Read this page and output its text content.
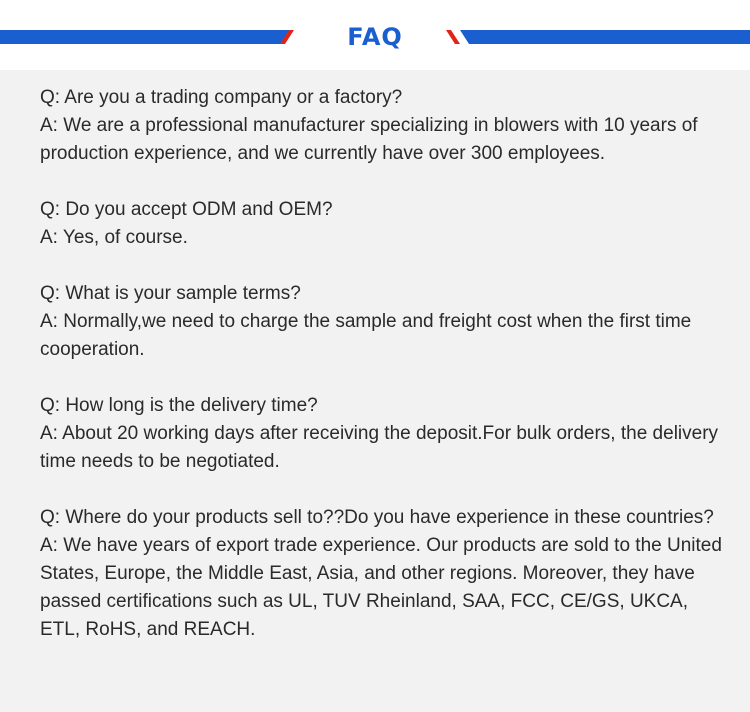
FAQ

Q: Are you a trading company or a factory?

A: We are a professional manufacturer specializing in blowers with 10 years of production experience, and we currently have over 300 employees.

Q: Do you accept ODM and OEM?

A: Yes, of course.

Q: What is your sample terms?

A: Normally,we need to charge the sample and freight cost when the first time cooperation.

Q: How long is the delivery time?

A: About 20 working days after receiving the deposit.For bulk orders, the delivery time needs to be negotiated.

Q: Where do your products sell to??Do you have experience in these countries?

A: We have years of export trade experience. Our products are sold to the United States, Europe, the Middle East, Asia, and other regions. Moreover, they have passed certifications such as UL, TUV Rheinland, SAA, FCC, CE/GS, UKCA, ETL, RoHS, and REACH.
